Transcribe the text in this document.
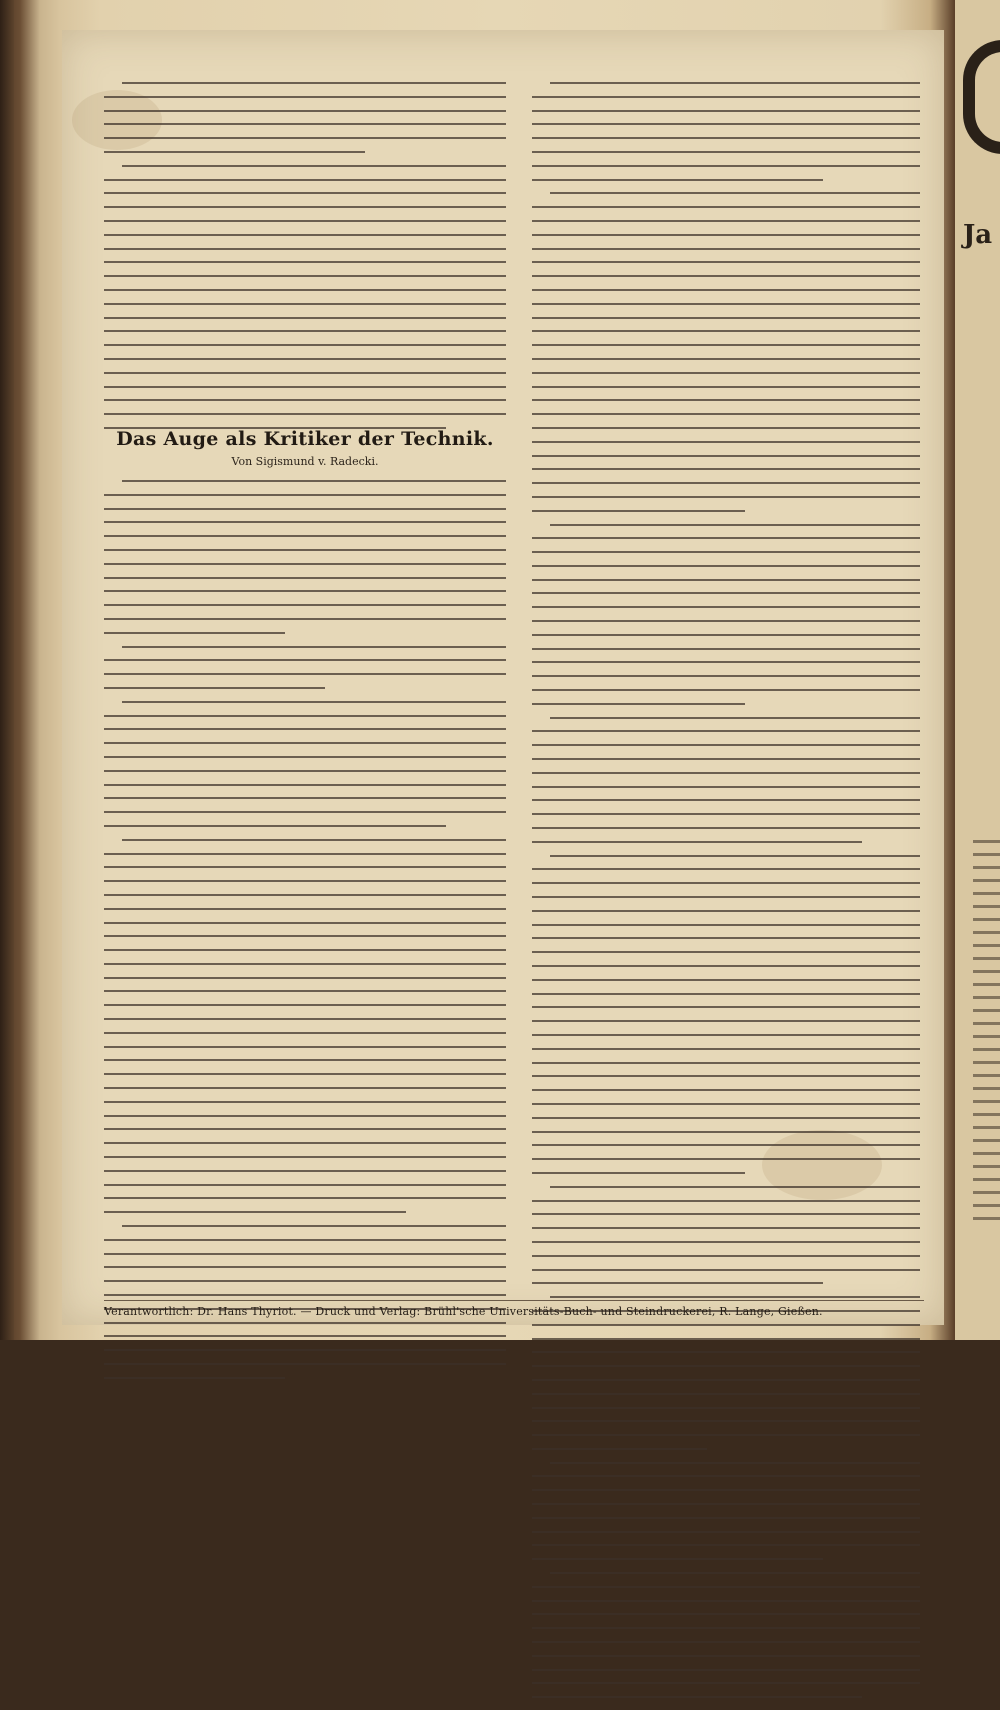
Das Auge als Kritiker der Technik.
Von Sigismund v. Radecki.
Verantwortlich: Dr. Hans Thyriot. — Druck und Verlag: Brühl'sche Universitäts-Buch- und Steindruckerei, R. Lange, Gießen.
Ja
